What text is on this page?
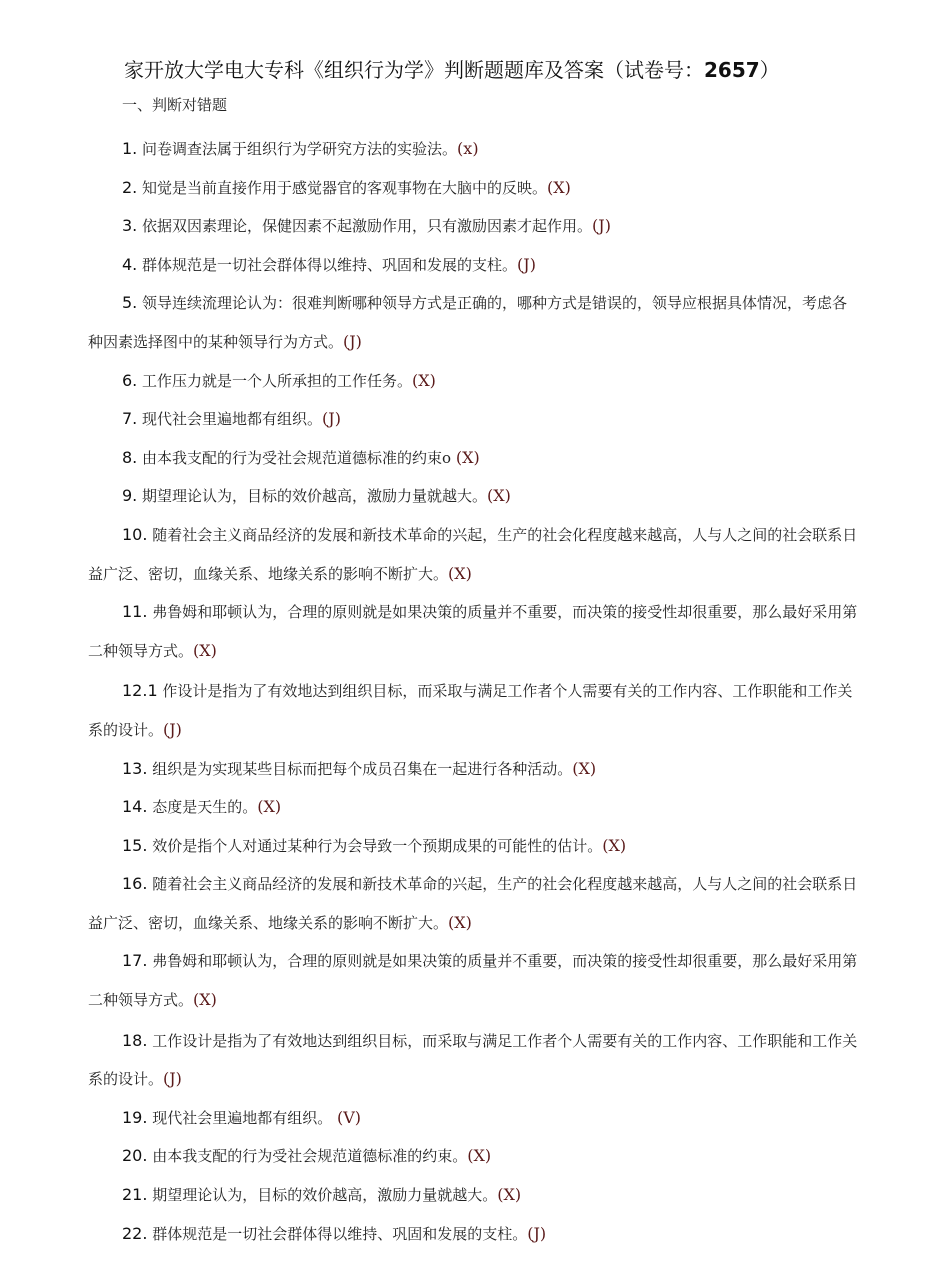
家开放大学电大专科《组织行为学》判断题题库及答案（试卷号：2657）
一、判断对错题

1. 问卷调查法属于组织行为学研究方法的实验法。(x)

2. 知觉是当前直接作用于感觉器官的客观事物在大脑中的反映。(X)

3. 依据双因素理论，保健因素不起激励作用，只有激励因素才起作用。(J)

4. 群体规范是一切社会群体得以维持、巩固和发展的支柱。(J)

5. 领导连续流理论认为：很难判断哪种领导方式是正确的，哪种方式是错误的，领导应根据具体情况，考虑各种因素选择图中的某种领导行为方式。(J)

6. 工作压力就是一个人所承担的工作任务。(X)

7. 现代社会里遍地都有组织。(J)

8. 由本我支配的行为受社会规范道德标准的约束o (X)

9. 期望理论认为，目标的效价越高，激励力量就越大。(X)

10. 随着社会主义商品经济的发展和新技术革命的兴起，生产的社会化程度越来越高，人与人之间的社会联系日益广泛、密切，血缘关系、地缘关系的影响不断扩大。(X)

11. 弗鲁姆和耶顿认为，合理的原则就是如果决策的质量并不重要，而决策的接受性却很重要，那么最好采用第二种领导方式。(X)

12.1 作设计是指为了有效地达到组织目标，而采取与满足工作者个人需要有关的工作内容、工作职能和工作关系的设计。(J)

13. 组织是为实现某些目标而把每个成员召集在一起进行各种活动。(X)

14. 态度是天生的。(X)

15. 效价是指个人对通过某种行为会导致一个预期成果的可能性的估计。(X)

16. 随着社会主义商品经济的发展和新技术革命的兴起，生产的社会化程度越来越高，人与人之间的社会联系日益广泛、密切，血缘关系、地缘关系的影响不断扩大。(X)

17. 弗鲁姆和耶顿认为，合理的原则就是如果决策的质量并不重要，而决策的接受性却很重要，那么最好采用第二种领导方式。(X)

18. 工作设计是指为了有效地达到组织目标，而采取与满足工作者个人需要有关的工作内容、工作职能和工作关系的设计。(J)

19. 现代社会里遍地都有组织。 (V)

20. 由本我支配的行为受社会规范道德标准的约束。(X)

21. 期望理论认为，目标的效价越高，激励力量就越大。(X)

22. 群体规范是一切社会群体得以维持、巩固和发展的支柱。(J)
